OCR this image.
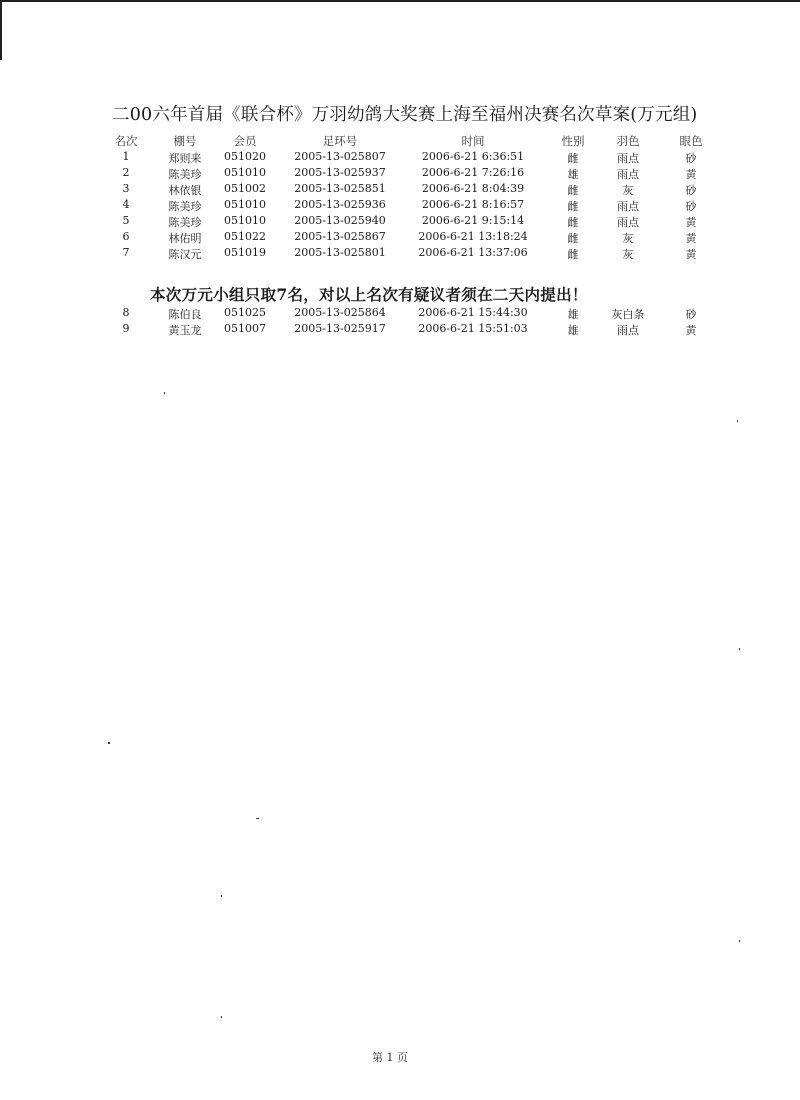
二00六年首届《联合杯》万羽幼鸽大奖赛上海至福州决赛名次草案(万元组)
名次	棚号	会员	足环号	时间	性别	羽色	眼色
1	郑则来 051020	2005-13-025807	2006-6-21 6:36:51	雌	雨点	砂
2	陈美珍 051010	2005-13-025937	2006-6-21 7:26:16	雄	雨点	黄
3	林依银 051002	2005-13-025851	2006-6-21 8:04:39	雌	灰	砂
4	陈美珍 051010	2005-13-025936	2006-6-21 8:16:57	雌	雨点	砂
5	陈美珍 051010	2005-13-025940	2006-6-21 9:15:14	雌	雨点	黄
6	林佑明 051022	2005-13-025867	2006-6-21 13:18:24	雌	灰	黄
7	陈汉元 051019	2005-13-025801	2006-6-21 13:37:06	雌	灰	黄
本次万元小组只取7名，对以上名次有疑议者须在二天内提出！
8	陈伯良 051025	2005-13-025864	2006-6-21 15:44:30	雄	灰白条	砂
9	黄玉龙 051007	2005-13-025917	2006-6-21 15:51:03	雄	雨点	黄
第 1 页
